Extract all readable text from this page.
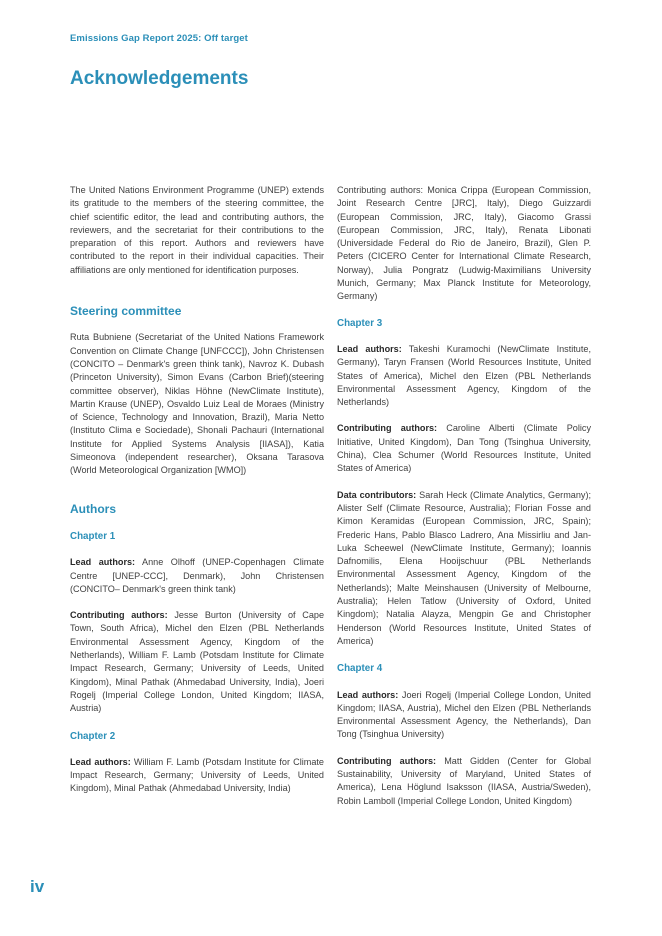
Emissions Gap Report 2025: Off target
Acknowledgements

The United Nations Environment Programme (UNEP) extends its gratitude to the members of the steering committee, the chief scientific editor, the lead and contributing authors, the reviewers, and the secretariat for their contributions to the preparation of this report. Authors and reviewers have contributed to the report in their individual capacities. Their affiliations are only mentioned for identification purposes.

Steering committee

Ruta Bubniene (Secretariat of the United Nations Framework Convention on Climate Change [UNFCCC]), John Christensen (CONCITO – Denmark's green think tank), Navroz K. Dubash (Princeton University), Simon Evans (Carbon Brief)(steering committee observer), Niklas Höhne (NewClimate Institute), Martin Krause (UNEP), Osvaldo Luiz Leal de Moraes (Ministry of Science, Technology and Innovation, Brazil), Maria Netto (Instituto Clima e Sociedade), Shonali Pachauri (International Institute for Applied Systems Analysis [IIASA]), Katia Simeonova (independent researcher), Oksana Tarasova (World Meteorological Organization [WMO])

Authors
Chapter 1

Lead authors: Anne Olhoff (UNEP-Copenhagen Climate Centre [UNEP-CCC], Denmark), John Christensen (CONCITO– Denmark's green think tank)

Contributing authors: Jesse Burton (University of Cape Town, South Africa), Michel den Elzen (PBL Netherlands Environmental Assessment Agency, Kingdom of the Netherlands), William F. Lamb (Potsdam Institute for Climate Impact Research, Germany; University of Leeds, United Kingdom), Minal Pathak (Ahmedabad University, India), Joeri Rogelj (Imperial College London, United Kingdom; IIASA, Austria)

Chapter 2

Lead authors: William F. Lamb (Potsdam Institute for Climate Impact Research, Germany; University of Leeds, United Kingdom), Minal Pathak (Ahmedabad University, India)

Contributing authors: Monica Crippa (European Commission, Joint Research Centre [JRC], Italy), Diego Guizzardi (European Commission, JRC, Italy), Giacomo Grassi (European Commission, JRC, Italy), Renata Libonati (Universidade Federal do Rio de Janeiro, Brazil), Glen P. Peters (CICERO Center for International Climate Research, Norway), Julia Pongratz (Ludwig-Maximilians University Munich, Germany; Max Planck Institute for Meteorology, Germany)

Chapter 3

Lead authors: Takeshi Kuramochi (NewClimate Institute, Germany), Taryn Fransen (World Resources Institute, United States of America), Michel den Elzen (PBL Netherlands Environmental Assessment Agency, Kingdom of the Netherlands)

Contributing authors: Caroline Alberti (Climate Policy Initiative, United Kingdom), Dan Tong (Tsinghua University, China), Clea Schumer (World Resources Institute, United States of America)

Data contributors: Sarah Heck (Climate Analytics, Germany); Alister Self (Climate Resource, Australia); Florian Fosse and Kimon Keramidas (European Commission, JRC, Spain); Frederic Hans, Pablo Blasco Ladrero, Ana Missirliu and Jan-Luka Scheewel (NewClimate Institute, Germany); Ioannis Dafnomilis, Elena Hooijschuur (PBL Netherlands Environmental Assessment Agency, Kingdom of the Netherlands); Malte Meinshausen (University of Melbourne, Australia); Helen Tatlow (University of Oxford, United Kingdom); Natalia Alayza, Mengpin Ge and Christopher Henderson (World Resources Institute, United States of America)

Chapter 4

Lead authors: Joeri Rogelj (Imperial College London, United Kingdom; IIASA, Austria), Michel den Elzen (PBL Netherlands Environmental Assessment Agency, the Netherlands), Dan Tong (Tsinghua University)

Contributing authors: Matt Gidden (Center for Global Sustainability, University of Maryland, United States of America), Lena Höglund Isaksson (IIASA, Austria/Sweden), Robin Lamboll (Imperial College London, United Kingdom)

iv
